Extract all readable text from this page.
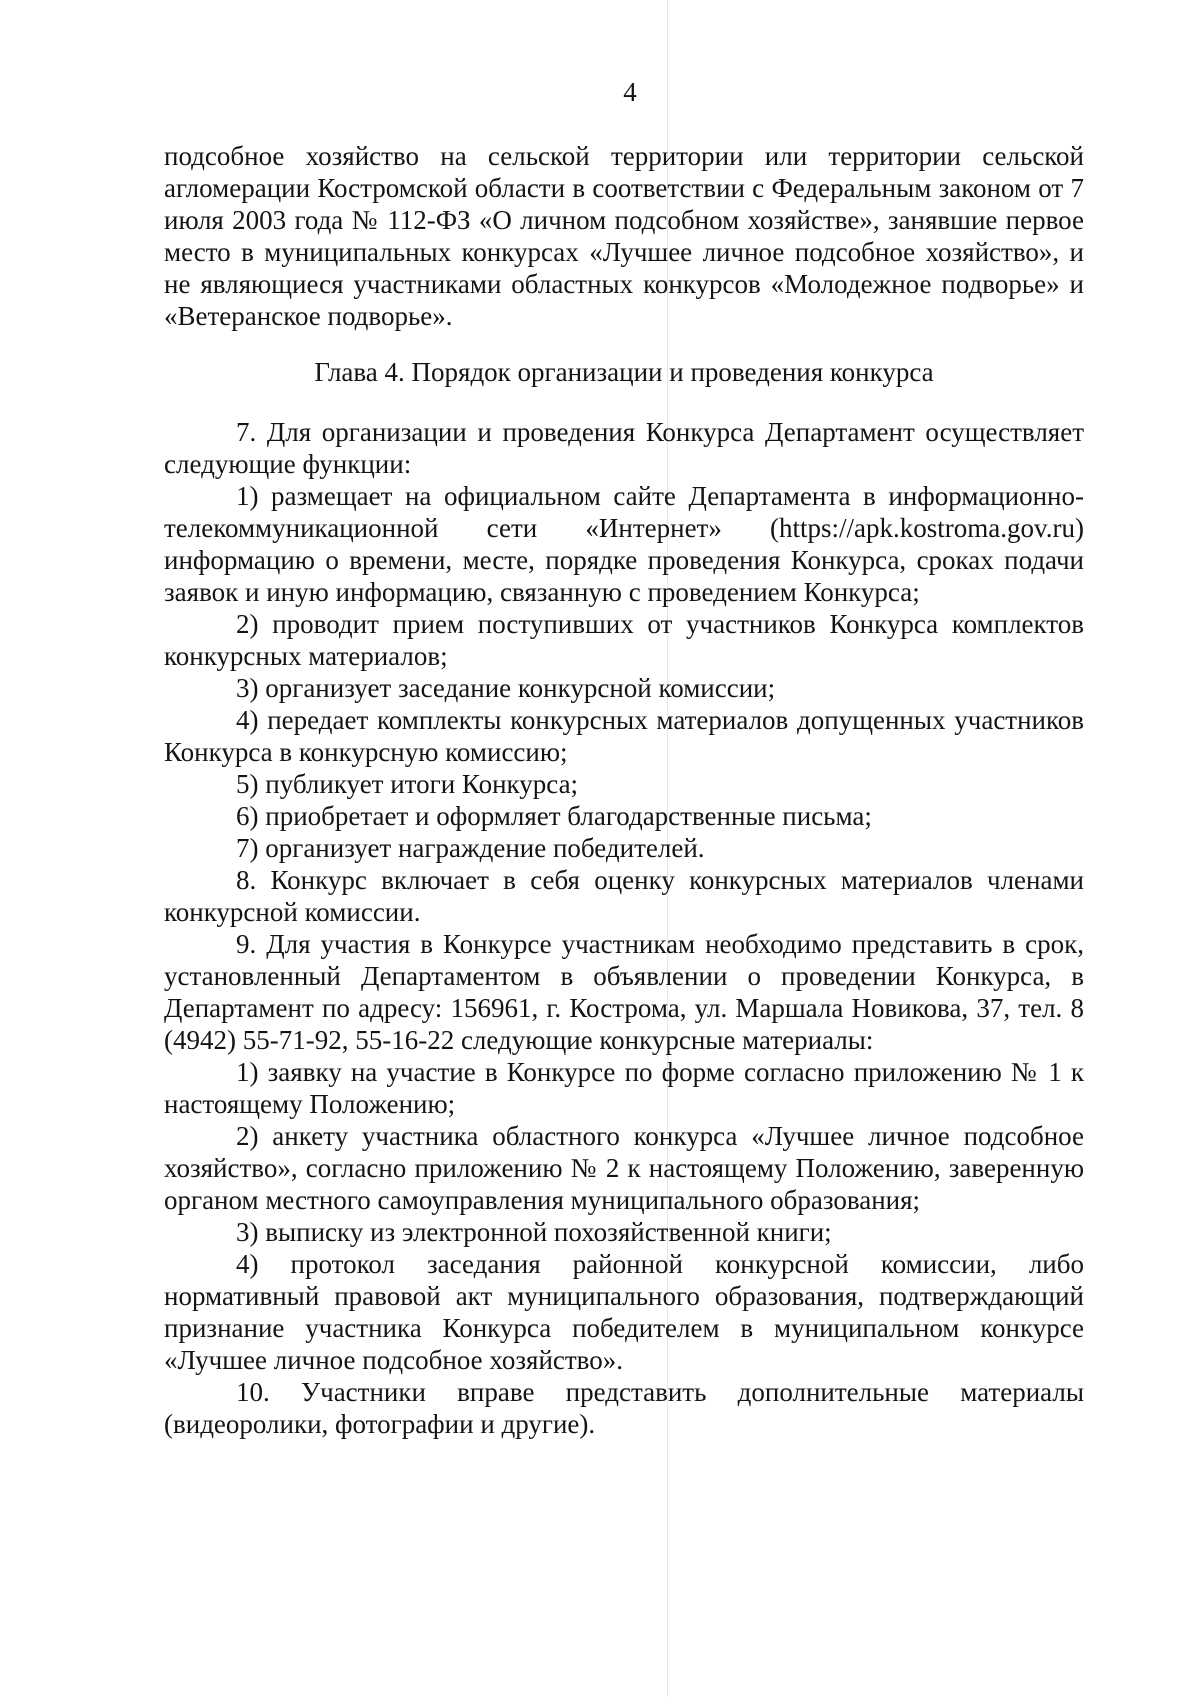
4

подсобное хозяйство на сельской территории или территории сельской агломерации Костромской области в соответствии с Федеральным законом от 7 июля 2003 года № 112-ФЗ «О личном подсобном хозяйстве», занявшие первое место в муниципальных конкурсах «Лучшее личное подсобное хозяйство», и не являющиеся участниками областных конкурсов «Молодежное подворье» и «Ветеранское подворье».

Глава 4. Порядок организации и проведения конкурса

7. Для организации и проведения Конкурса Департамент осуществляет следующие функции:

1) размещает на официальном сайте Департамента в информационно-телекоммуникационной сети «Интернет» (https://apk.kostroma.gov.ru) информацию о времени, месте, порядке проведения Конкурса, сроках подачи заявок и иную информацию, связанную с проведением Конкурса;

2) проводит прием поступивших от участников Конкурса комплектов конкурсных материалов;

3) организует заседание конкурсной комиссии;

4) передает комплекты конкурсных материалов допущенных участников Конкурса в конкурсную комиссию;

5) публикует итоги Конкурса;

6) приобретает и оформляет благодарственные письма;

7) организует награждение победителей.

8. Конкурс включает в себя оценку конкурсных материалов членами конкурсной комиссии.

9. Для участия в Конкурсе участникам необходимо представить в срок, установленный Департаментом в объявлении о проведении Конкурса, в Департамент по адресу: 156961, г. Кострома, ул. Маршала Новикова, 37, тел. 8 (4942) 55-71-92, 55-16-22 следующие конкурсные материалы:

1) заявку на участие в Конкурсе по форме согласно приложению № 1 к настоящему Положению;

2) анкету участника областного конкурса «Лучшее личное подсобное хозяйство», согласно приложению № 2 к настоящему Положению, заверенную органом местного самоуправления муниципального образования;

3) выписку из электронной похозяйственной книги;

4) протокол заседания районной конкурсной комиссии, либо нормативный правовой акт муниципального образования, подтверждающий признание участника Конкурса победителем в муниципальном конкурсе «Лучшее личное подсобное хозяйство».

10. Участники вправе представить дополнительные материалы (видеоролики, фотографии и другие).
